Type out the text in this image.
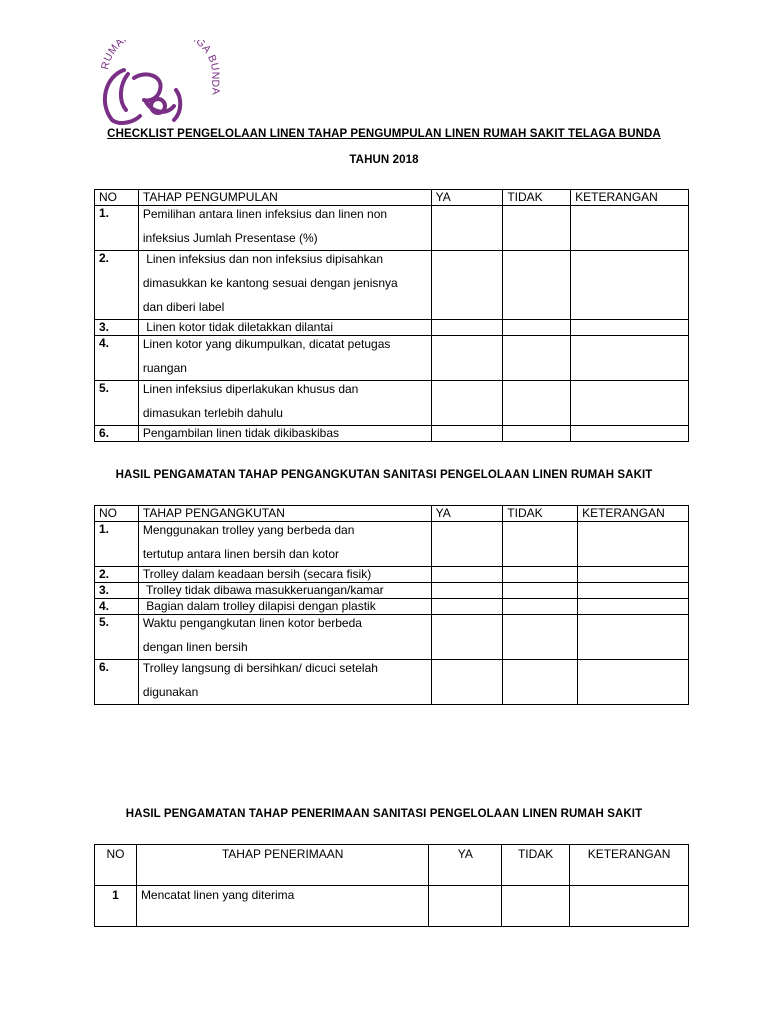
RUMA GA BUNDA
CHECKLIST PENGELOLAAN LINEN TAHAP PENGUMPULAN LINEN RUMAH SAKIT TELAGA BUNDA
TAHUN 2018
NO	TAHAP PENGUMPULAN	YA	TIDAK	KETERANGAN
1.	Pemilihan antara linen infeksius dan linen non
infeksius Jumlah Presentase (%)			

2.	Linen infeksius dan non infeksius dipisahkan
dimasukkan ke kantong sesuai dengan jenisnya
dan diberi label			

3.	Linen kotor tidak diletakkan dilantai			

4.	Linen kotor yang dikumpulkan, dicatat petugas
ruangan			

5.	Linen infeksius diperlakukan khusus dan
dimasukan terlebih dahulu			

6.	Pengambilan linen tidak dikibaskibas			

HASIL PENGAMATAN TAHAP PENGANGKUTAN SANITASI PENGELOLAAN LINEN RUMAH SAKIT
NO	TAHAP PENGANGKUTAN	YA	TIDAK	KETERANGAN
1.	Menggunakan trolley yang berbeda dan
tertutup antara linen bersih dan kotor			

2.	Trolley dalam keadaan bersih (secara fisik)			

3.	Trolley tidak dibawa masukkeruangan/kamar			

4.	Bagian dalam trolley dilapisi dengan plastik			

5.	Waktu pengangkutan linen kotor berbeda
dengan linen bersih			

6.	Trolley langsung di bersihkan/ dicuci setelah
digunakan			

HASIL PENGAMATAN TAHAP PENERIMAAN SANITASI PENGELOLAAN LINEN RUMAH SAKIT
NO	TAHAP PENERIMAAN	YA	TIDAK	KETERANGAN
1	Mencatat linen yang diterima			
